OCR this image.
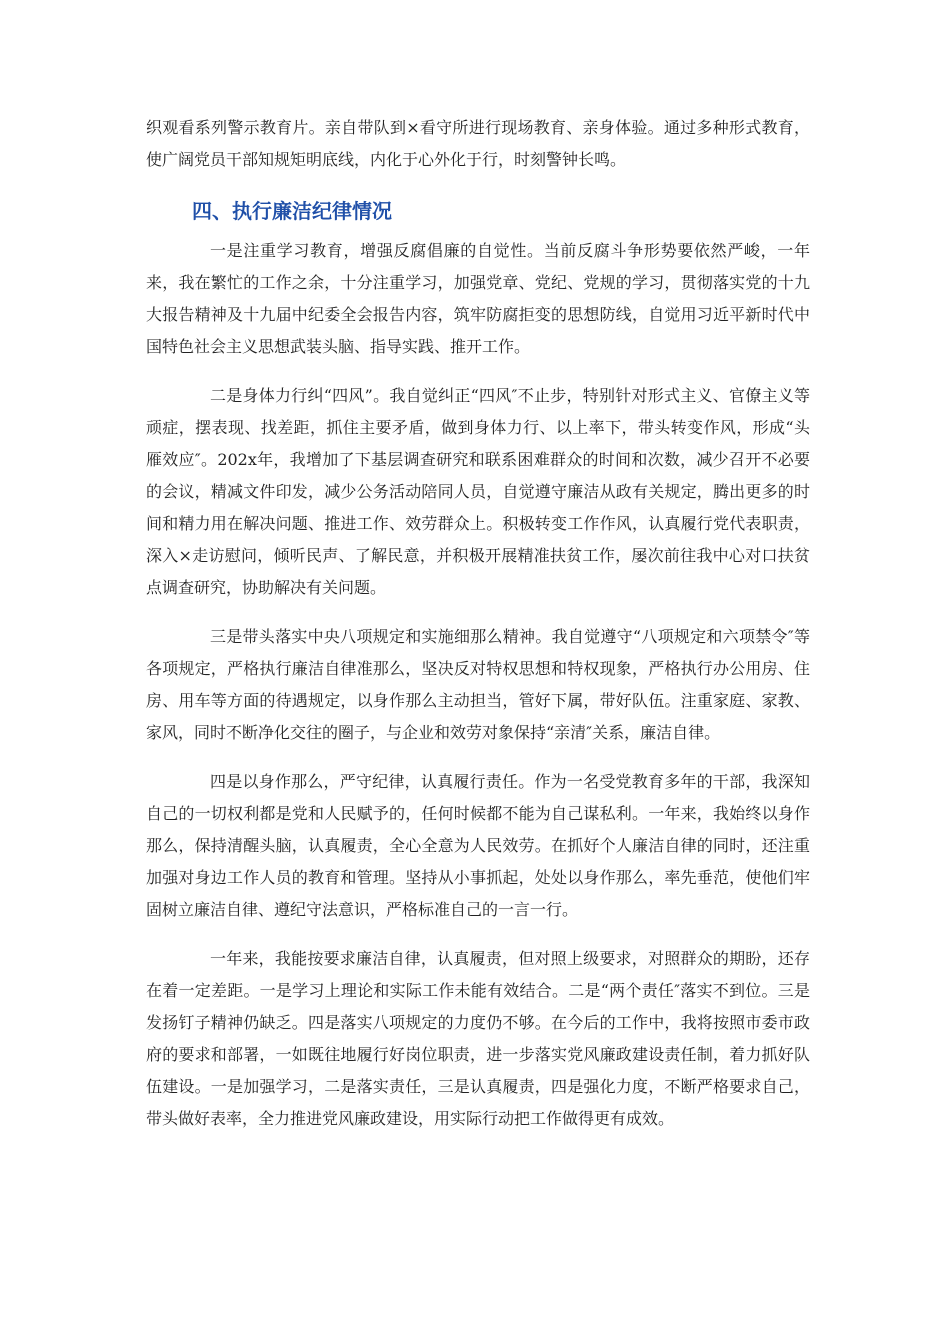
织观看系列警示教育片。亲自带队到×看守所进行现场教育、亲身体验。通过多种形式教育，使广阔党员干部知规矩明底线，内化于心外化于行，时刻警钟长鸣。

四、执行廉洁纪律情况

一是注重学习教育，增强反腐倡廉的自觉性。当前反腐斗争形势要依然严峻，一年来，我在繁忙的工作之余，十分注重学习，加强党章、党纪、党规的学习，贯彻落实党的十九大报告精神及十九届中纪委全会报告内容，筑牢防腐拒变的思想防线，自觉用习近平新时代中国特色社会主义思想武装头脑、指导实践、推开工作。

二是身体力行纠“四风”。我自觉纠正“四风″不止步，特别针对形式主义、官僚主义等顽症，摆表现、找差距，抓住主要矛盾，做到身体力行、以上率下，带头转变作风，形成“头雁效应″。202x年，我增加了下基层调查研究和联系困难群众的时间和次数，减少召开不必要的会议，精减文件印发，减少公务活动陪同人员，自觉遵守廉洁从政有关规定，腾出更多的时间和精力用在解决问题、推进工作、效劳群众上。积极转变工作作风，认真履行党代表职责，深入×走访慰问，倾听民声、了解民意，并积极开展精准扶贫工作，屡次前往我中心对口扶贫点调查研究，协助解决有关问题。

三是带头落实中央八项规定和实施细那么精神。我自觉遵守“八项规定和六项禁令″等各项规定，严格执行廉洁自律准那么，坚决反对特权思想和特权现象，严格执行办公用房、住房、用车等方面的待遇规定，以身作那么主动担当，管好下属，带好队伍。注重家庭、家教、家风，同时不断净化交往的圈子，与企业和效劳对象保持“亲清″关系，廉洁自律。

四是以身作那么，严守纪律，认真履行责任。作为一名受党教育多年的干部，我深知自己的一切权利都是党和人民赋予的，任何时候都不能为自己谋私利。一年来，我始终以身作那么，保持清醒头脑，认真履责，全心全意为人民效劳。在抓好个人廉洁自律的同时，还注重加强对身边工作人员的教育和管理。坚持从小事抓起，处处以身作那么，率先垂范，使他们牢固树立廉洁自律、遵纪守法意识，严格标准自己的一言一行。

一年来，我能按要求廉洁自律，认真履责，但对照上级要求，对照群众的期盼，还存在着一定差距。一是学习上理论和实际工作未能有效结合。二是“两个责任″落实不到位。三是发扬钉子精神仍缺乏。四是落实八项规定的力度仍不够。在今后的工作中，我将按照市委市政府的要求和部署，一如既往地履行好岗位职责，进一步落实党风廉政建设责任制，着力抓好队伍建设。一是加强学习，二是落实责任，三是认真履责，四是强化力度，不断严格要求自己，带头做好表率，全力推进党风廉政建设，用实际行动把工作做得更有成效。
